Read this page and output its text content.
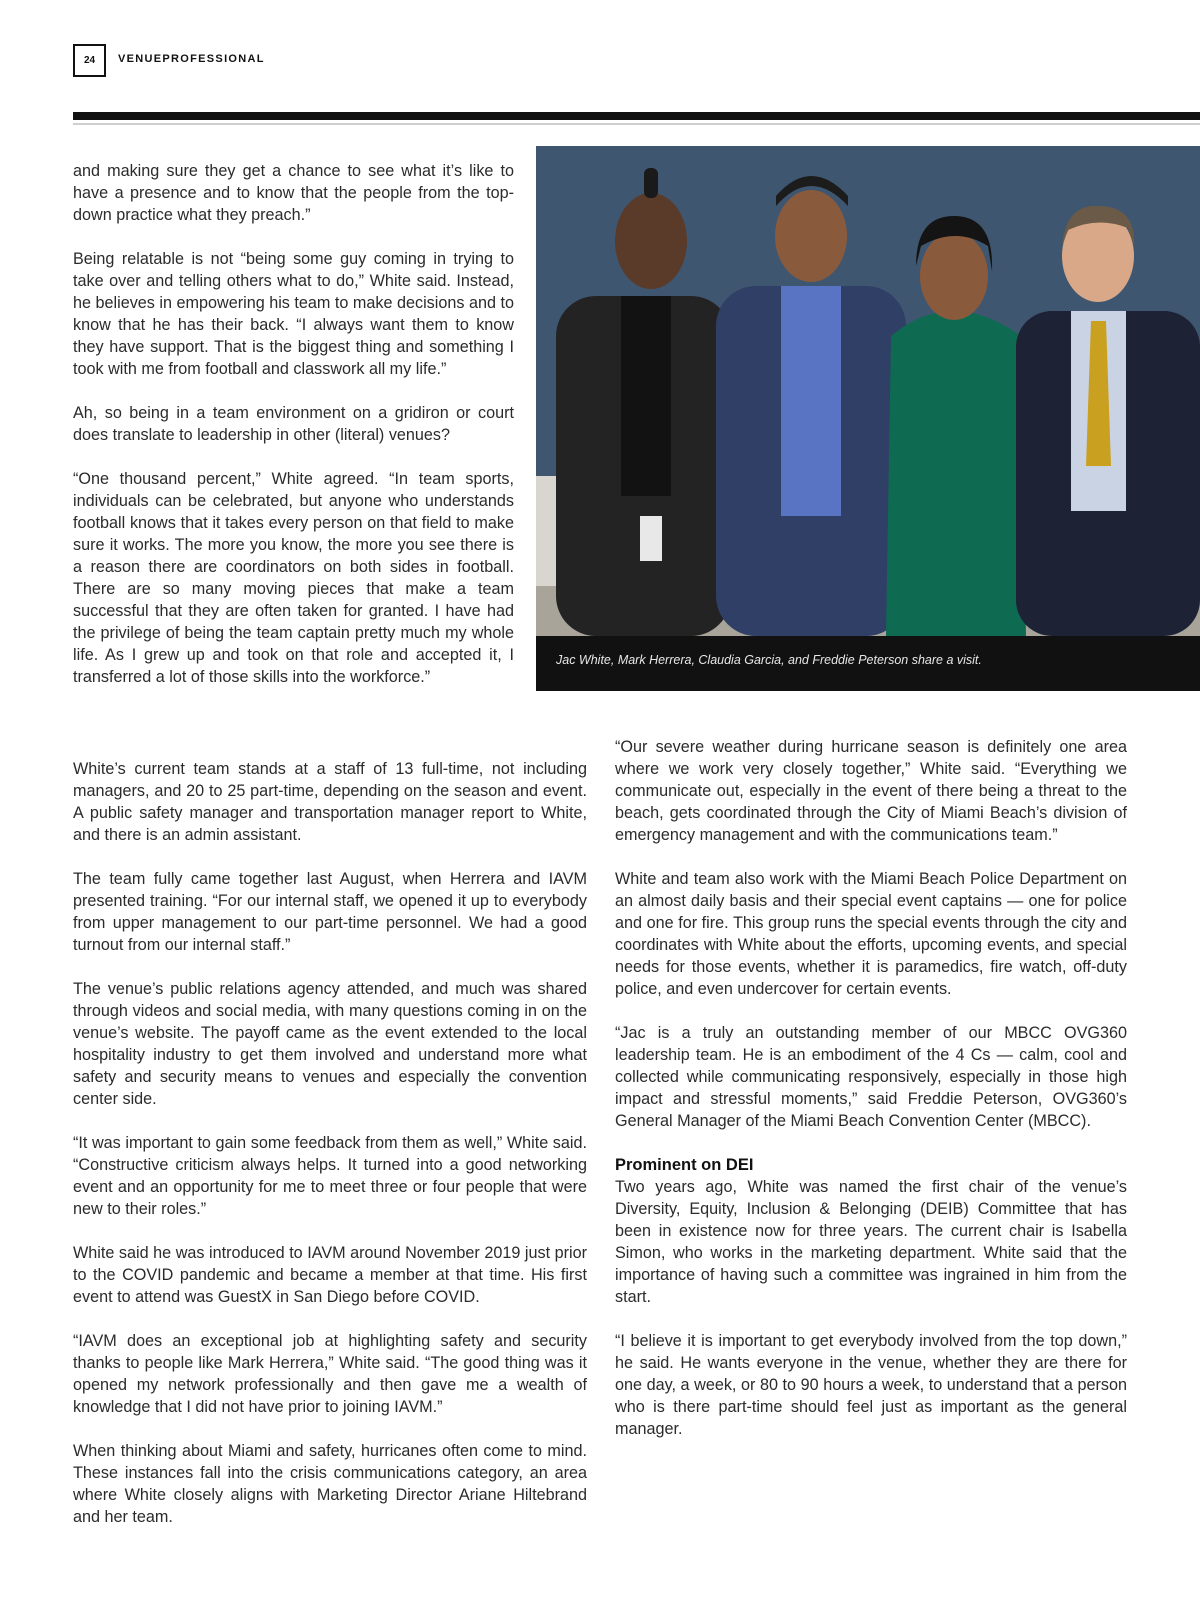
24	VENUEPROFESSIONAL

and making sure they get a chance to see what it’s like to have a presence and to know that the people from the top-down practice what they preach.”

Being relatable is not “being some guy coming in trying to take over and telling others what to do,” White said. Instead, he believes in empowering his team to make decisions and to know that he has their back. “I always want them to know they have support. That is the biggest thing and something I took with me from football and classwork all my life.”

Ah, so being in a team environment on a gridiron or court does translate to leadership in other (literal) venues?

“One thousand percent,” White agreed. “In team sports, individuals can be celebrated, but anyone who understands football knows that it takes every person on that field to make sure it works. The more you know, the more you see there is a reason there are coordinators on both sides in football. There are so many moving pieces that make a team successful that they are often taken for granted. I have had the privilege of being the team captain pretty much my whole life. As I grew up and took on that role and accepted it, I transferred a lot of those skills into the workforce.”

Jac White, Mark Herrera, Claudia Garcia, and Freddie Peterson share a visit.

White’s current team stands at a staff of 13 full-time, not including managers, and 20 to 25 part-time, depending on the season and event. A public safety manager and transportation manager report to White, and there is an admin assistant.

The team fully came together last August, when Herrera and IAVM presented training. “For our internal staff, we opened it up to everybody from upper management to our part-time personnel. We had a good turnout from our internal staff.”

The venue’s public relations agency attended, and much was shared through videos and social media, with many questions coming in on the venue’s website. The payoff came as the event extended to the local hospitality industry to get them involved and understand more what safety and security means to venues and especially the convention center side.

“It was important to gain some feedback from them as well,” White said. “Constructive criticism always helps. It turned into a good networking event and an opportunity for me to meet three or four people that were new to their roles.”

White said he was introduced to IAVM around November 2019 just prior to the COVID pandemic and became a member at that time. His first event to attend was GuestX in San Diego before COVID.

“IAVM does an exceptional job at highlighting safety and security thanks to people like Mark Herrera,” White said. “The good thing was it opened my network professionally and then gave me a wealth of knowledge that I did not have prior to joining IAVM.”

When thinking about Miami and safety, hurricanes often come to mind. These instances fall into the crisis communications category, an area where White closely aligns with Marketing Director Ariane Hiltebrand and her team.

“Our severe weather during hurricane season is definitely one area where we work very closely together,” White said. “Everything we communicate out, especially in the event of there being a threat to the beach, gets coordinated through the City of Miami Beach’s division of emergency management and with the communications team.”

White and team also work with the Miami Beach Police Department on an almost daily basis and their special event captains — one for police and one for fire. This group runs the special events through the city and coordinates with White about the efforts, upcoming events, and special needs for those events, whether it is paramedics, fire watch, off-duty police, and even undercover for certain events.

“Jac is a truly an outstanding member of our MBCC OVG360 leadership team. He is an embodiment of the 4 Cs — calm, cool and collected while communicating responsively, especially in those high impact and stressful moments,” said Freddie Peterson, OVG360’s General Manager of the Miami Beach Convention Center (MBCC).

Prominent on DEI

Two years ago, White was named the first chair of the venue’s Diversity, Equity, Inclusion & Belonging (DEIB) Committee that has been in existence now for three years. The current chair is Isabella Simon, who works in the marketing department. White said that the importance of having such a committee was ingrained in him from the start.

“I believe it is important to get everybody involved from the top down,” he said. He wants everyone in the venue, whether they are there for one day, a week, or 80 to 90 hours a week, to understand that a person who is there part-time should feel just as important as the general manager.
